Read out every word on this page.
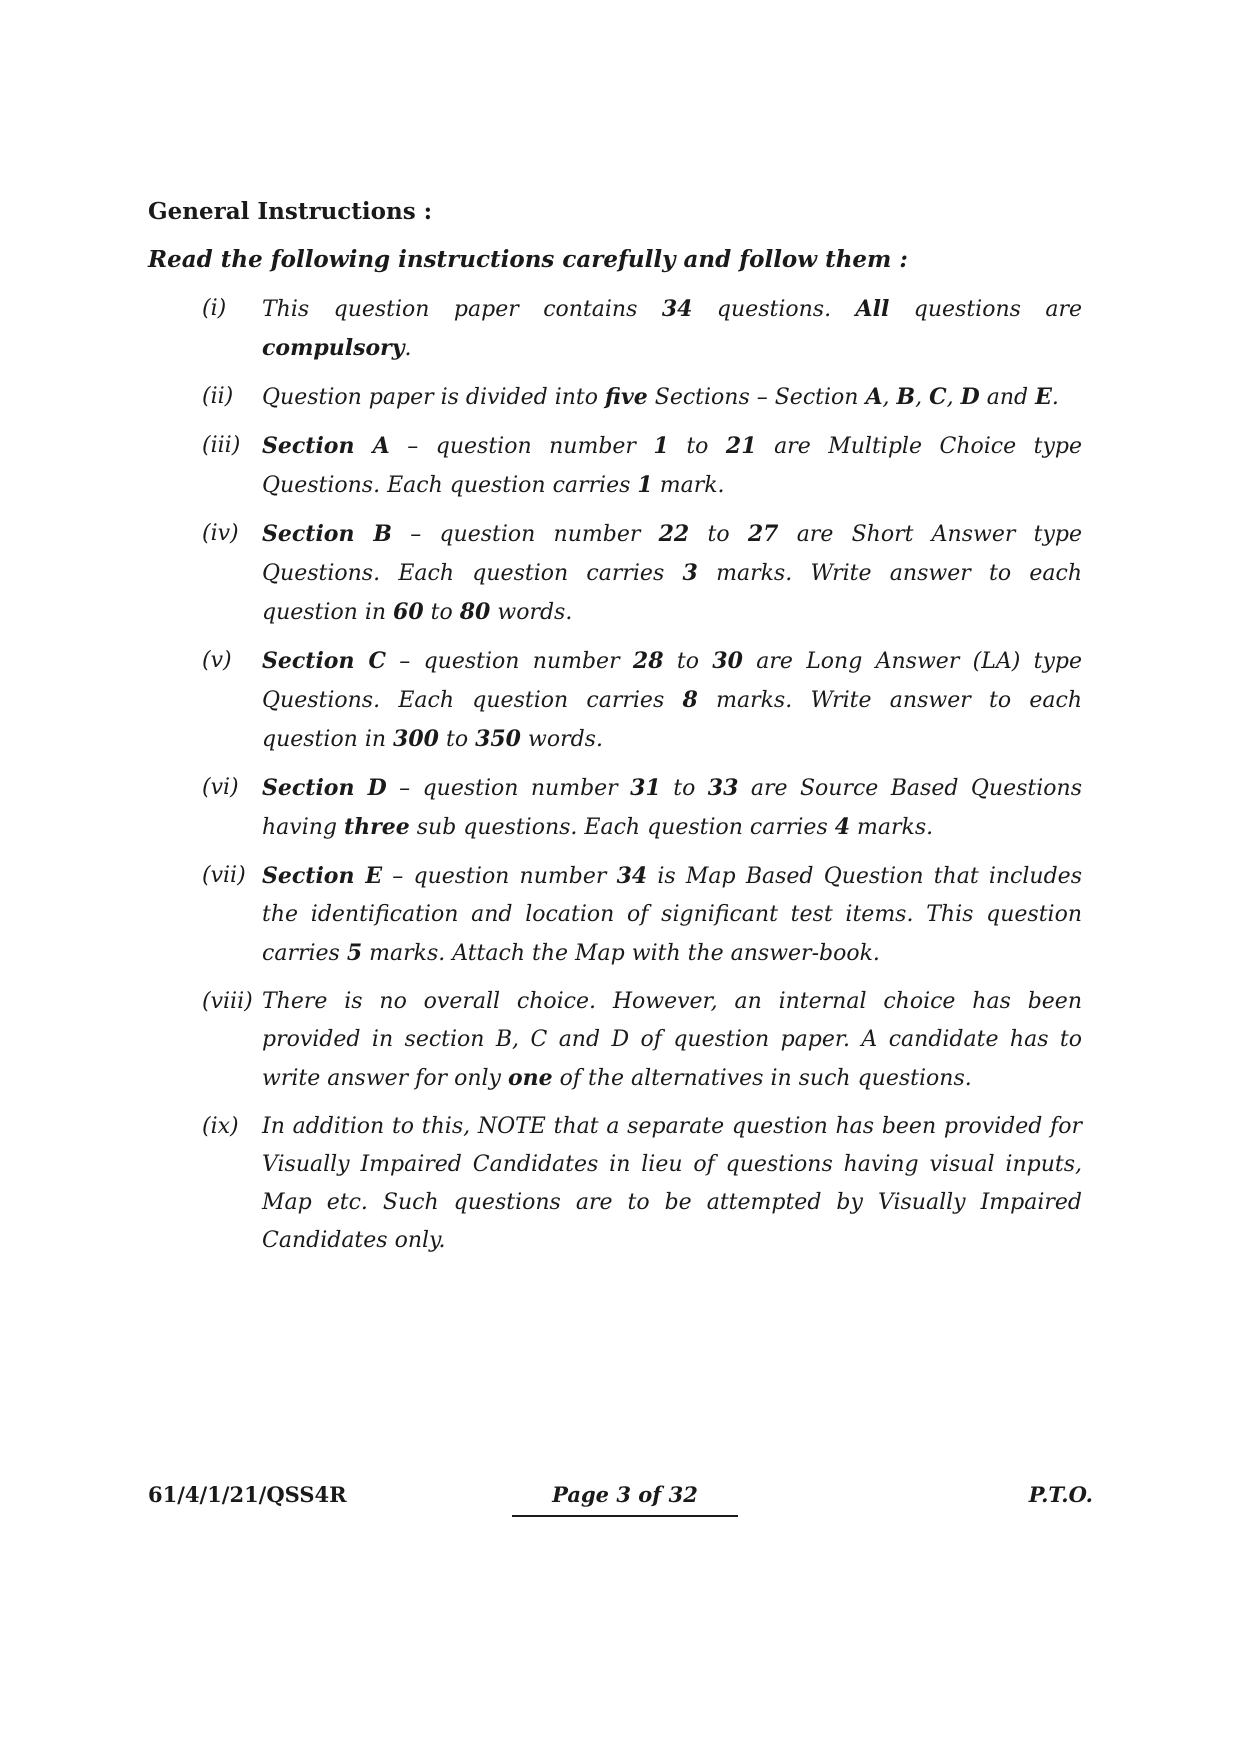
General Instructions :
Read the following instructions carefully and follow them :
(i) This question paper contains 34 questions. All questions are compulsory.
(ii) Question paper is divided into five Sections – Section A, B, C, D and E.
(iii) Section A – question number 1 to 21 are Multiple Choice type Questions. Each question carries 1 mark.
(iv) Section B – question number 22 to 27 are Short Answer type Questions. Each question carries 3 marks. Write answer to each question in 60 to 80 words.
(v) Section C – question number 28 to 30 are Long Answer (LA) type Questions. Each question carries 8 marks. Write answer to each question in 300 to 350 words.
(vi) Section D – question number 31 to 33 are Source Based Questions having three sub questions. Each question carries 4 marks.
(vii) Section E – question number 34 is Map Based Question that includes the identification and location of significant test items. This question carries 5 marks. Attach the Map with the answer-book.
(viii) There is no overall choice. However, an internal choice has been provided in section B, C and D of question paper. A candidate has to write answer for only one of the alternatives in such questions.
(ix) In addition to this, NOTE that a separate question has been provided for Visually Impaired Candidates in lieu of questions having visual inputs, Map etc. Such questions are to be attempted by Visually Impaired Candidates only.
61/4/1/21/QSS4R	Page 3 of 32	P.T.O.
